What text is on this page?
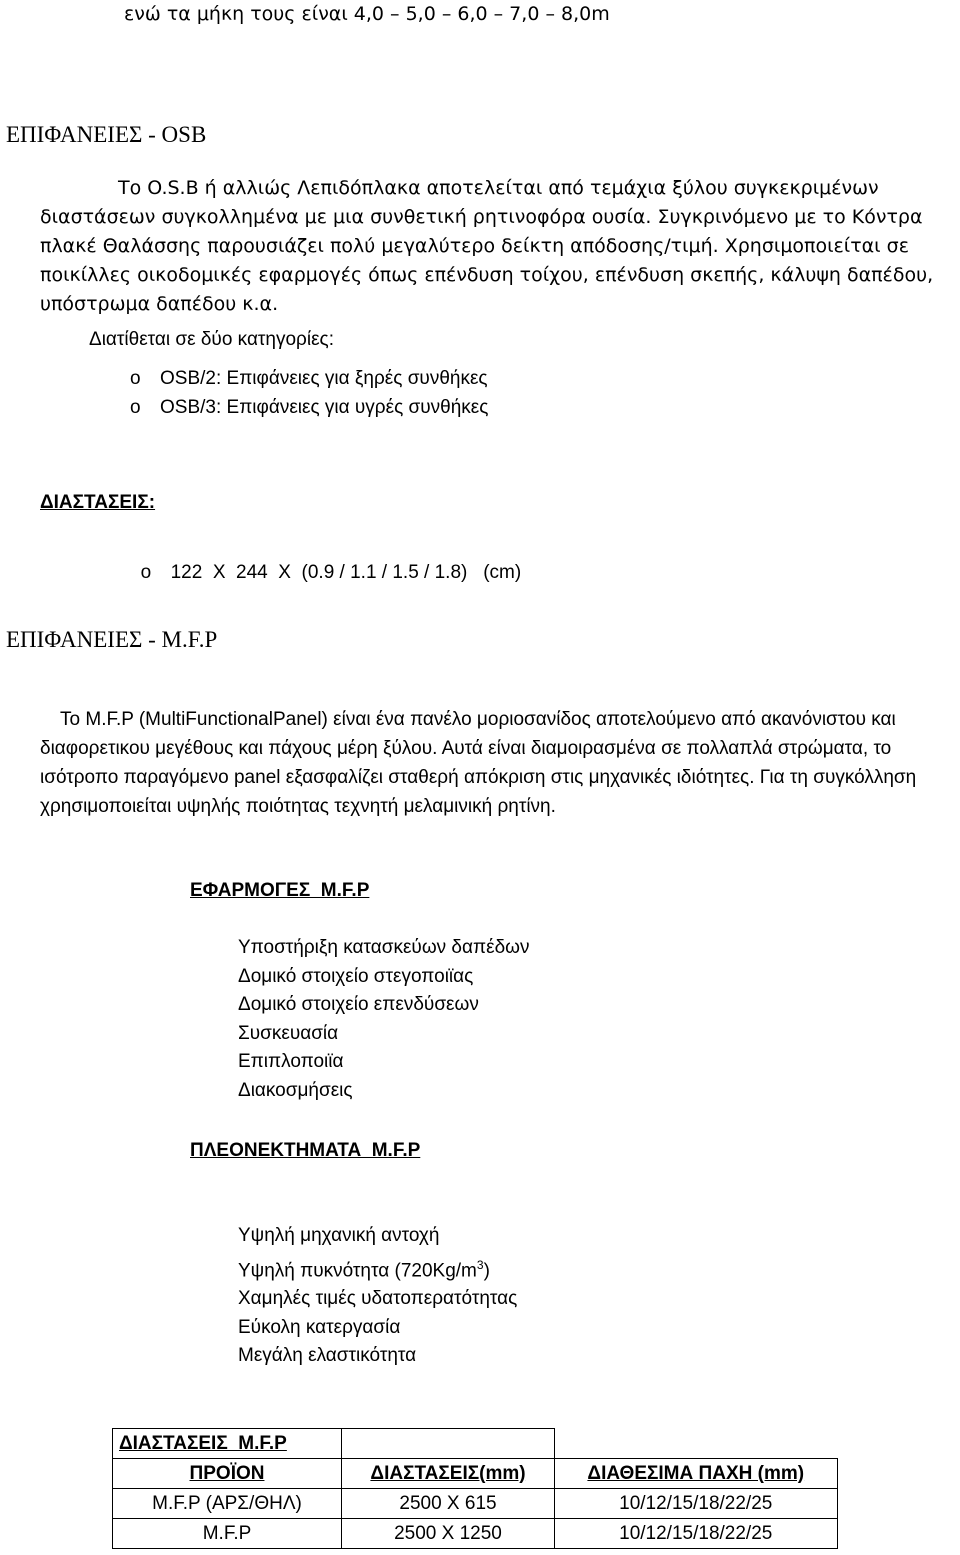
ενώ τα μήκη τους είναι 4,0 – 5,0 – 6,0 – 7,0 – 8,0m
ΕΠΙΦΑΝΕΙΕΣ - OSB
Το O.S.B ή αλλιώς Λεπιδόπλακα αποτελείται από τεμάχια ξύλου συγκεκριμένων διαστάσεων συγκολλημένα με μια συνθετική ρητινοφόρα ουσία. Συγκρινόμενο με το Κόντρα πλακέ Θαλάσσης παρουσιάζει πολύ μεγαλύτερο δείκτη απόδοσης/τιμή. Χρησιμοποιείται σε ποικίλλες οικοδομικές εφαρμογές όπως επένδυση τοίχου, επένδυση σκεπής, κάλυψη δαπέδου, υπόστρωμα δαπέδου κ.α.
Διατίθεται σε δύο κατηγορίες:
o OSB/2: Επιφάνειες για ξηρές συνθήκες
o OSB/3: Επιφάνειες για υγρές συνθήκες
ΔΙΑΣΤΑΣΕΙΣ:

o 122  Χ  244  Χ  (0.9 / 1.1 / 1.5 / 1.8)   (cm)

ΕΠΙΦΑΝΕΙΕΣ - M.F.P
Το M.F.P (MultiFunctionalPanel) είναι ένα πανέλο μοριοσανίδος αποτελούμενο από ακανόνιστου και διαφορετικου μεγέθους και πάχους μέρη ξύλου. Αυτά είναι διαμοιρασμένα σε πολλαπλά στρώματα, το ισότροπο παραγόμενο panel εξασφαλίζει σταθερή απόκριση στις μηχανικές ιδιότητες. Για τη συγκόλληση χρησιμοποιείται υψηλής ποιότητας τεχνητή μελαμινική ρητίνη.
ΕΦΑΡΜΟΓΕΣ  M.F.P
Υποστήριξη κατασκεύων δαπέδων
Δομικό στοιχείο στεγοποιϊας
Δομικό στοιχείο επενδύσεων
Συσκευασία
Επιπλοποιϊα
Διακοσμήσεις
ΠΛΕΟΝΕΚΤΗΜΑΤΑ  M.F.P
Υψηλή μηχανική αντοχή
Υψηλή πυκνότητα $(720Kg/m^3)$
Χαμηλές τιμές υδατοπερατότητας
Εύκολη κατεργασία
Μεγάλη ελαστικότητα
ΔΙΑΣΤΑΣΕΙΣ  M.F.P		
ΠΡΟΪΟΝ	ΔΙΑΣΤΑΣΕΙΣ(mm)	ΔΙΑΘΕΣΙΜΑ ΠΑΧΗ (mm)
M.F.P (ΑΡΣ/ΘΗΛ)	2500 Χ 615	10/12/15/18/22/25
M.F.P	2500 Χ 1250	10/12/15/18/22/25
